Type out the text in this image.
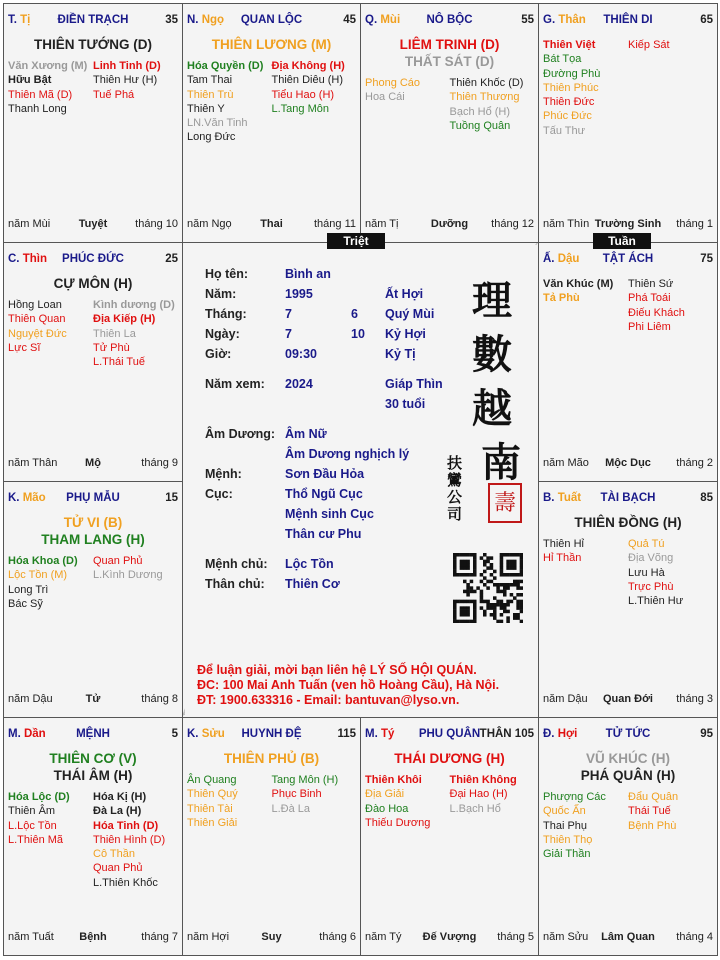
Họ tên:	Bình an
Năm:	1995	Ất Hợi
Tháng:	7	6 Quý Mùi
Ngày:	7	10 Kỷ Hợi
Giờ:	09:30	Kỷ Tị
Năm xem: 2024	Giáp Thìn
30 tuổi
Âm Dương: Âm Nữ
Âm Dương nghịch lý
Mệnh:	Sơn Đầu Hỏa
Cục:	Thổ Ngũ Cục
Mệnh sinh Cục
Thân cư Phu
Mệnh chủ: Lộc Tồn
Thân chủ: Thiên Cơ
Để luận giải, mời bạn liên hệ LÝ SỐ HỘI QUÁN.
ĐC: 100 Mai Anh Tuấn (ven hồ Hoàng Cầu), Hà Nội.
ĐT: 1900.633316 - Email: bantuvan@lyso.vn.
理
數
越
南
扶鸞公司 壽
T. Tị	ĐIỀN TRẠCH	35
THIÊN TƯỚNG (D)
Văn Xương (M)
Hữu Bật
Thiên Mã (D)
Thanh Long
Linh Tinh (D)
Thiên Hư (H)
Tuế Phá
năm Mùi	Tuyệt	tháng 10
N. Ngọ	QUAN LỘC	45
THIÊN LƯƠNG (M)
Hóa Quyền (D)
Tam Thai
Thiên Trù
Thiên Y
LN.Văn Tinh
Long Đức
Địa Không (H)
Thiên Diêu (H)
Tiểu Hao (H)
L.Tang Môn
năm Ngọ	Thai	tháng 11
Q. Mùi	NÔ BỘC	55
LIÊM TRINH (D)
THẤT SÁT (D)
Phong Cáo
Hoa Cái
Thiên Khốc (D)
Thiên Thương
Bạch Hổ (H)
Tuồng Quân
năm Tị	Dưỡng	tháng 12
G. Thân	THIÊN DI	65
Thiên Việt
Bát Tọa
Đường Phù
Thiên Phúc
Thiên Đức
Phúc Đức
Tấu Thư
Kiếp Sát
năm Thìn Trường Sinh	tháng 1
C. Thìn	PHÚC ĐỨC	25
CỰ MÔN (H)
Hồng Loan
Thiên Quan
Nguyệt Đức
Lực Sĩ
Kình dương (D)
Địa Kiếp (H)
Thiên La
Tử Phù
L.Thái Tuế
năm Thân	Mộ	tháng 9
Ấ. Dậu	TẬT ÁCH	75
Văn Khúc (M)
Tả Phù
Thiên Sứ
Phá Toái
Điếu Khách
Phi Liêm
năm Mão	Mộc Dục	tháng 2
K. Mão	PHỤ MẪU	15
TỬ VI (B)
THAM LANG (H)
Hóa Khoa (D)
Lộc Tồn (M)
Long Trì
Bác Sỹ
Quan Phủ
L.Kình Dương
năm Dậu	Tử	tháng 8
B. Tuất	TÀI BẠCH	85
THIÊN ĐỒNG (H)
Thiên Hỉ
Hỉ Thần
Quả Tú
Địa Võng
Lưu Hà
Trực Phù
L.Thiên Hư
năm Dậu	Quan Đới	tháng 3
M. Dần	MỆNH	5
THIÊN CƠ (V)
THÁI ÂM (H)
Hóa Lộc (D)
Thiên Âm
L.Lộc Tồn
L.Thiên Mã
Hóa Kị (H)
Đà La (H)
Hóa Tinh (D)
Thiên Hình (D)
Cô Thần
Quan Phủ
L.Thiên Khốc
năm Tuất	Bệnh	tháng 7
K. Sửu	HUYNH ĐỆ	115
THIÊN PHỦ (B)
Ân Quang
Thiên Quý
Thiên Tài
Thiên Giải
Tang Môn (H)
Phục Binh
L.Đà La
năm Hợi	Suy	tháng 6
M. Tý	PHU QUÂN THÂN 105
THÁI DƯƠNG (H)
Thiên Khôi
Địa Giải
Đào Hoa
Thiếu Dương
Thiên Không
Đại Hao (H)
L.Bạch Hổ
năm Tý	Đế Vượng	tháng 5
Đ. Hợi	TỬ TỨC	95
VŨ KHÚC (H)
PHÁ QUÂN (H)
Phượng Các
Quốc Ấn
Thai Phụ
Thiên Thọ
Giải Thần
Đẩu Quân
Thái Tuế
Bệnh Phù
năm Sửu	Lâm Quan	tháng 4
Triệt	Tuần
